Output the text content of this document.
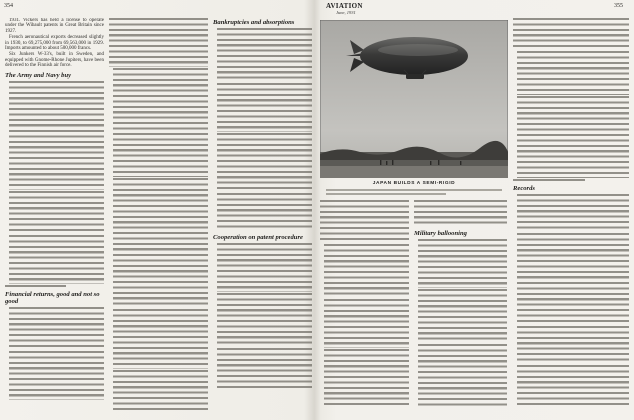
354

1931. Vickers has held a license to operate under the Wibault patents in Great Britain since 1927.

French aeronautical exports decreased slightly in 1930, to 69,275,000 from 69,563,000 in 1929. Imports amounted to about 500,000 francs.

Six Junkers W-33's, built in Sweden, and equipped with Gnome-Rhone Jupiters, have been delivered to the Finnish air force.

The Army and Navy buy
Financial returns, good and not so good
Bankruptcies and absorptions
Cooperation on patent procedure
AVIATION
June, 1931
355
JAPAN BUILDS A SEMI-RIGID
Military ballooning
Records
